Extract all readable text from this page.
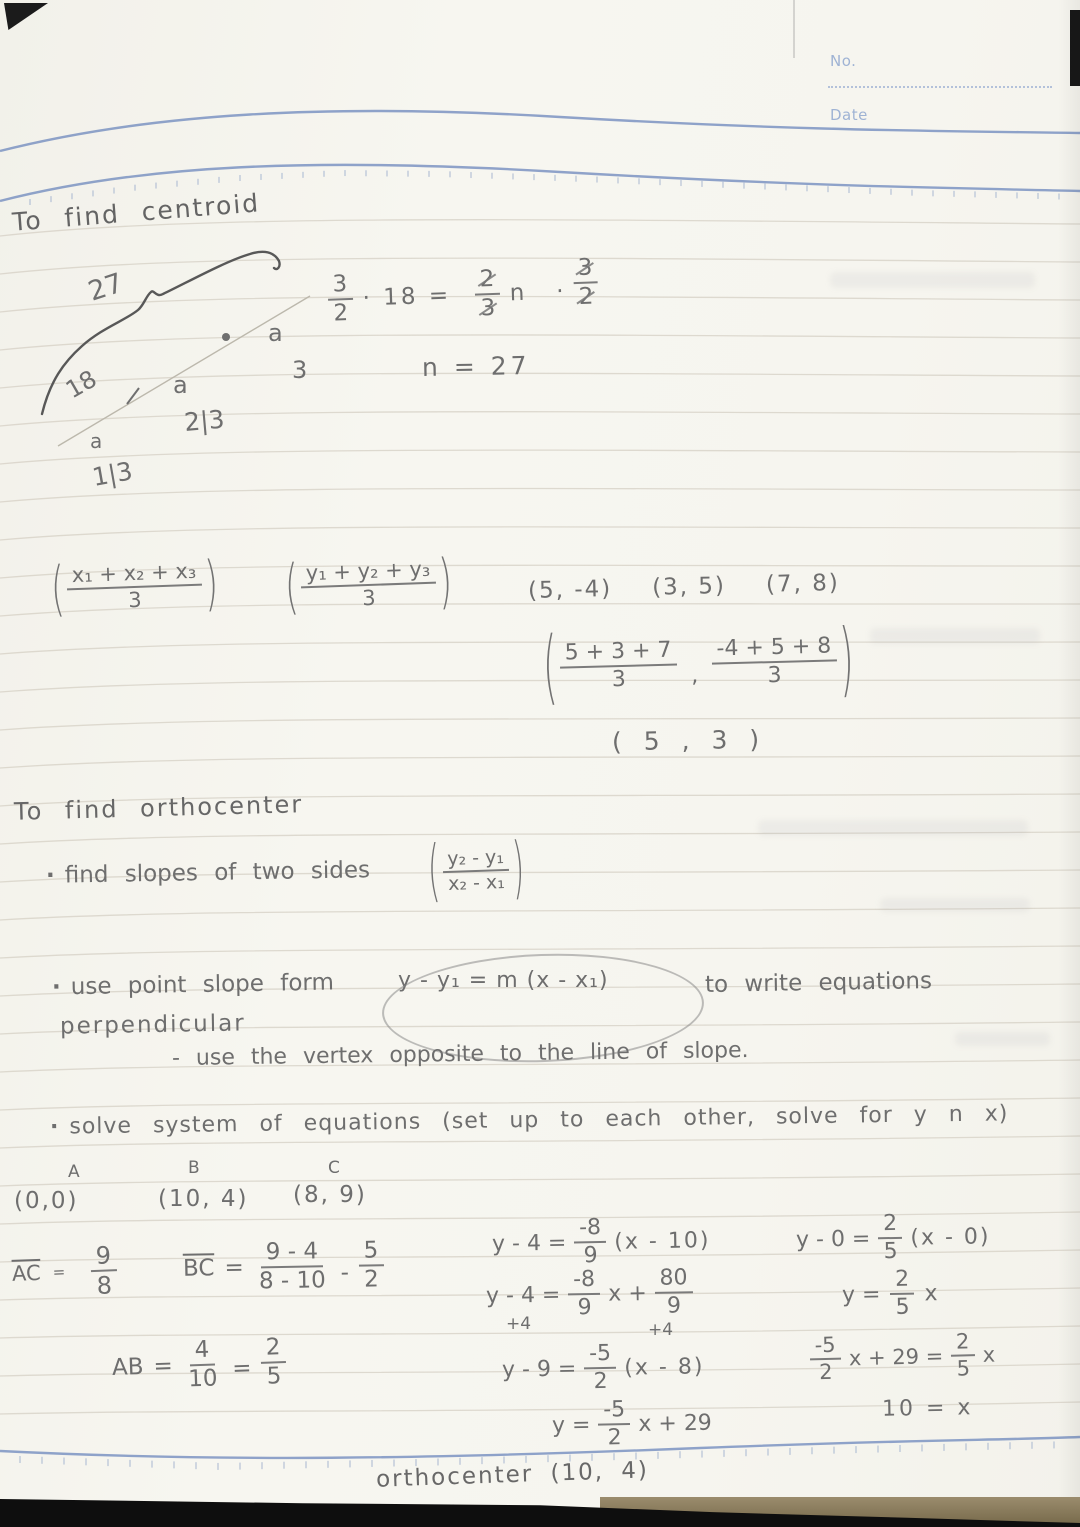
No.
Date
To find centroid
27
a
3
18	a
2|3
a
1|3
$\frac{3}{2} \cdot 18 = \frac{2}{3}$ $n \cdot \frac{3}{2}$
n = 27
( $\frac{\text{x₁ + x₂ + x₃}}{3}$ ) ( $\frac{\text{y₁ + y₂ + y₃}}{3}$ )	(5, -4) (3, 5) (7, 8)
( $\frac{5 + 3 + 7}{3}$ , $\frac{-4 + 5 + 8}{3}$ )
( 5 , 3 )
To find orthocenter
· find slopes of two sides ( $\frac{\text{y₂ - y₁}}{\text{x₂ - x₁}}$ )
· use point slope form	y - y₁ = m (x - x₁)	to write equations
perpendicular
- use the vertex opposite to the line of slope.
· solve system of equations (set up to each other, solve for y n x)
A	B	C
(0,0)	(10, 4) (8, 9)
$\overline{AC} = \frac{9}{8}$	$\overline{BC} = \frac{9 - 4}{8 - 10} - \frac{5}{2}$
AB = $\frac{4}{10} = \frac{2}{5}$
$y - 4 = \frac{-8}{9} (x - 10)$
$y - 4 = \frac{-8}{9}$ $x + \frac{80}{9}$
+4	+4
$y - 9 = \frac{-5}{2} (x - 8)$
$y = \frac{-5}{2}$ x + 29
$y - 0 = \frac{2}{5} (x - 0)$
$y = \frac{2}{5}$ x
$\frac{-5}{2}$ $x + 29 = \frac{2}{5}$ x
10 = x
orthocenter (10, 4)
